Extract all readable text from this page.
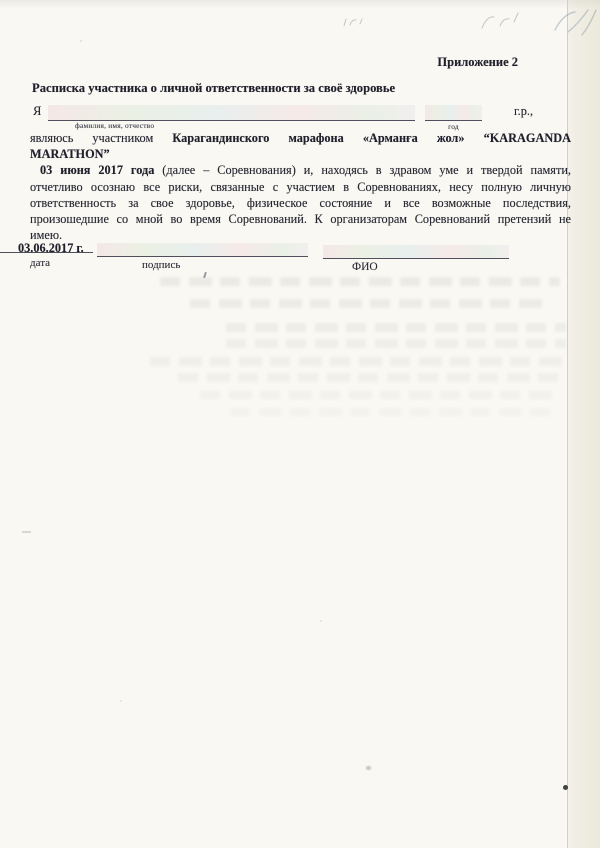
Приложение 2
Расписка участника о личной ответственности за своё здоровье
Я
фамилия, имя, отчество	год
г.р.,
являюсь участником Карагандинского марафона «Арманға жол» “KARAGANDA
MARATHON”
03 июня 2017 года (далее – Соревнования) и, находясь в здравом уме и твердой памяти,
отчетливо осознаю все риски, связанные с участием в Соревнованиях, несу полную личную
ответственность за свое здоровье, физическое состояние и все возможные последствия,
произошедшие со мной во время Соревнований. К организаторам Соревнований претензий не
имею.
03.06.2017 г.
дата	подпись	ФИО
